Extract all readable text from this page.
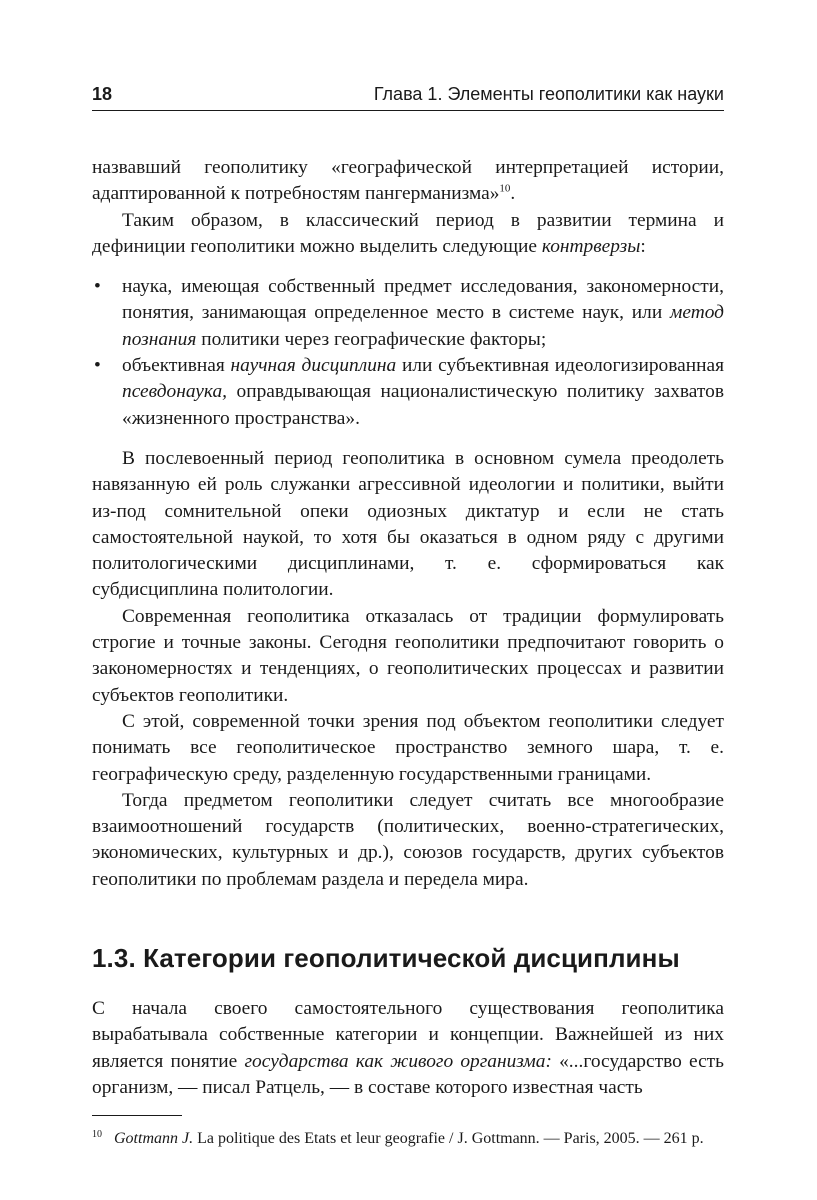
18	Глава 1. Элементы геополитики как науки

назвавший геополитику «географической интерпретацией истории, адаптированной к потребностям пангерманизма»$^{10}$.

Таким образом, в классический период в развитии термина и дефиниции геополитики можно выделить следующие контрверзы:

• наука, имеющая собственный предмет исследования, закономерности, понятия, занимающая определенное место в системе наук, или метод познания политики через географические факторы;
• объективная научная дисциплина или субъективная идеологизированная псевдонаука, оправдывающая националистическую политику захватов «жизненного пространства».

В послевоенный период геополитика в основном сумела преодолеть навязанную ей роль служанки агрессивной идеологии и политики, выйти из-под сомнительной опеки одиозных диктатур и если не стать самостоятельной наукой, то хотя бы оказаться в одном ряду с другими политологическими дисциплинами, т. е. сформироваться как субдисциплина политологии.

Современная геополитика отказалась от традиции формулировать строгие и точные законы. Сегодня геополитики предпочитают говорить о закономерностях и тенденциях, о геополитических процессах и развитии субъектов геополитики.

С этой, современной точки зрения под объектом геополитики следует понимать все геополитическое пространство земного шара, т. е. географическую среду, разделенную государственными границами.

Тогда предметом геополитики следует считать все многообразие взаимоотношений государств (политических, военно-стратегических, экономических, культурных и др.), союзов государств, других субъектов геополитики по проблемам раздела и передела мира.

1.3. Категории геополитической дисциплины

С начала своего самостоятельного существования геополитика вырабатывала собственные категории и концепции. Важнейшей из них является понятие государства как живого организма: «...государство есть организм, — писал Ратцель, — в составе которого известная часть

$^{10}$ Gottmann J. La politique des Etats et leur geografie / J. Gottmann. — Paris, 2005. — 261 p.
